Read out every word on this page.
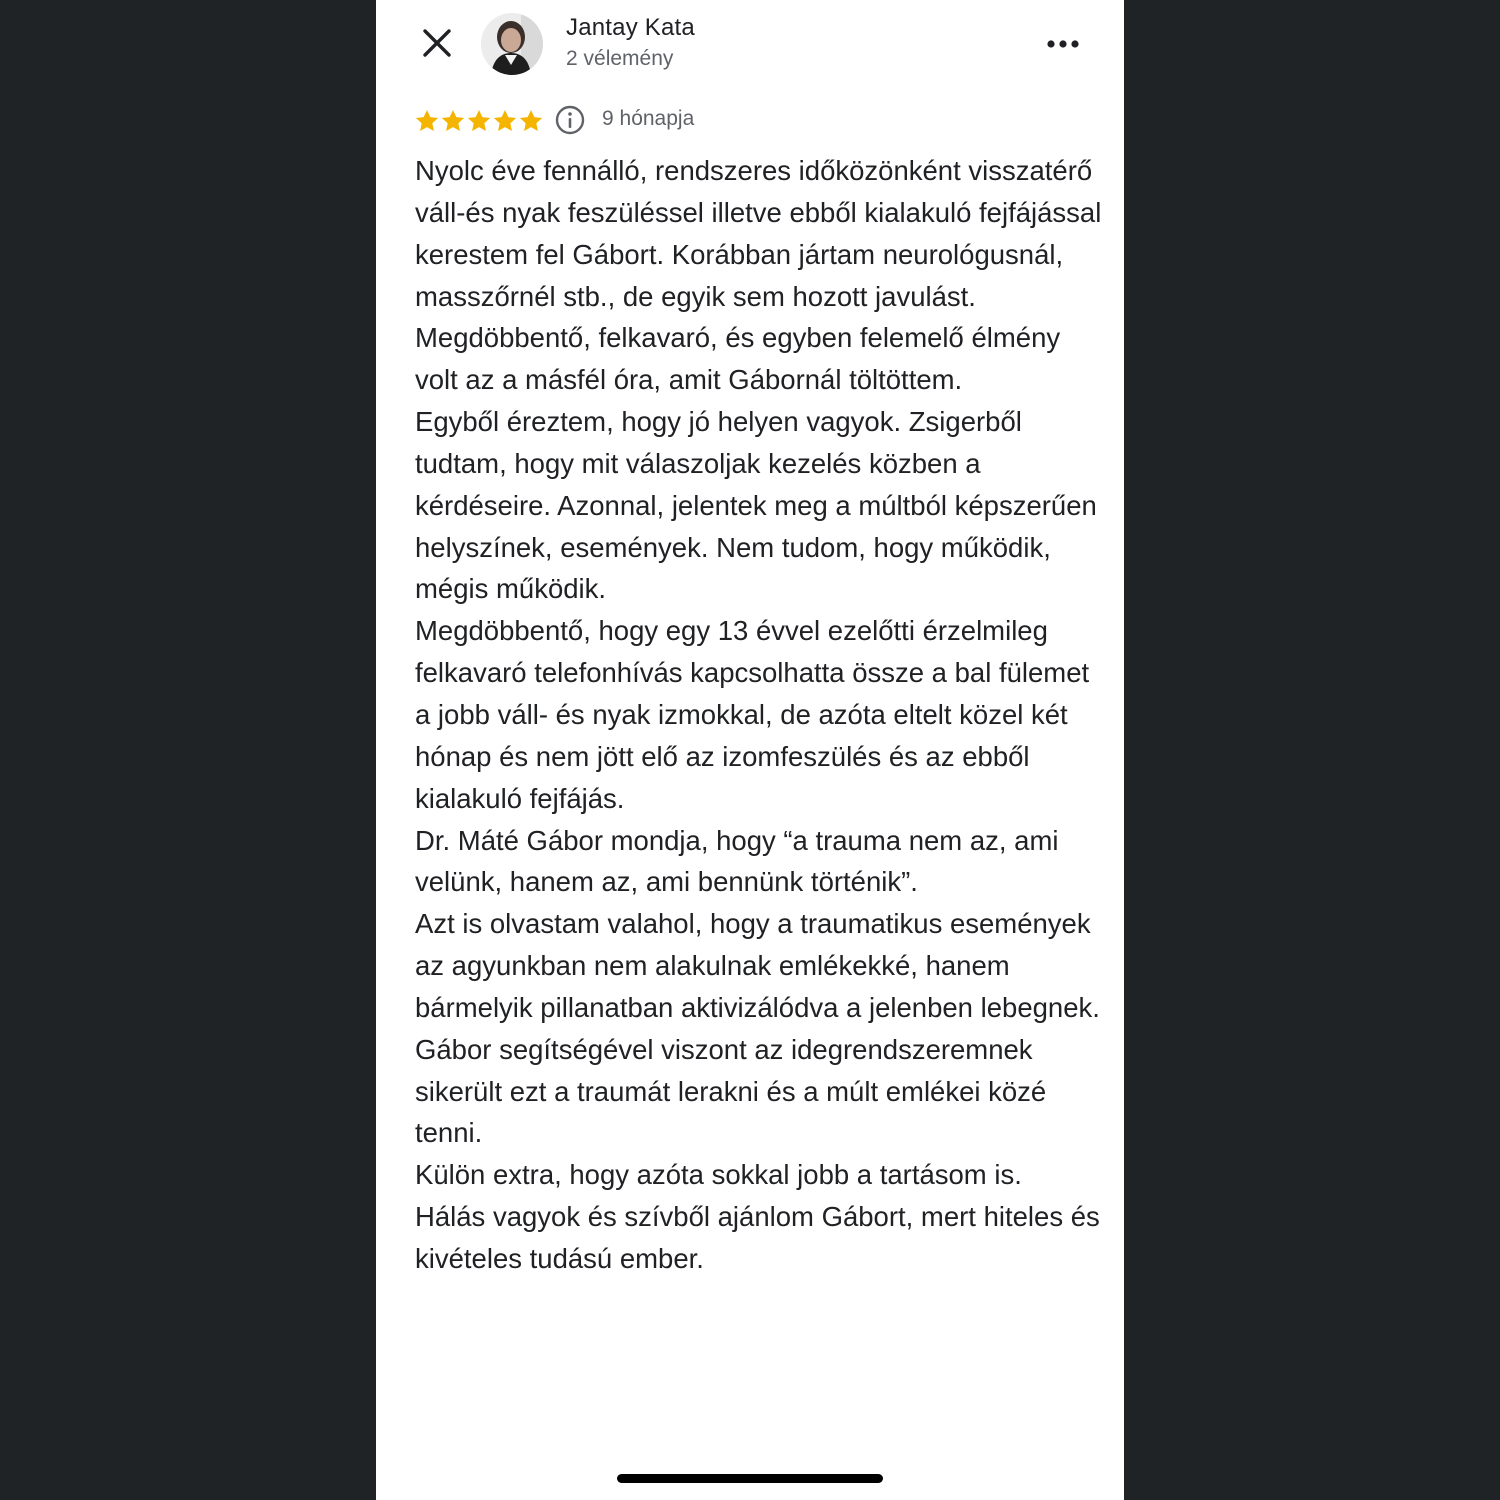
Jantay Kata
2 vélemény
9 hónapja
Nyolc éve fennálló, rendszeres időközönként visszatérő váll-és nyak feszüléssel illetve ebből kialakuló fejfájással kerestem fel Gábort. Korábban jártam neurológusnál, masszőrnél stb., de egyik sem hozott javulást.
Megdöbbentő, felkavaró, és egyben felemelő élmény volt az a másfél óra, amit Gábornál töltöttem.
Egyből éreztem, hogy jó helyen vagyok. Zsigerből tudtam, hogy mit válaszoljak kezelés közben a kérdéseire. Azonnal, jelentek meg a múltból képszerűen helyszínek, események. Nem tudom, hogy működik, mégis működik.
Megdöbbentő, hogy egy 13 évvel ezelőtti érzelmileg felkavaró telefonhívás kapcsolhatta össze a bal fülemet a jobb váll- és nyak izmokkal, de azóta eltelt közel két hónap és nem jött elő az izomfeszülés és az ebből kialakuló fejfájás.
Dr. Máté Gábor mondja, hogy “a trauma nem az, ami velünk, hanem az, ami bennünk történik”.
Azt is olvastam valahol, hogy a traumatikus események az agyunkban nem alakulnak emlékekké, hanem bármelyik pillanatban aktivizálódva a jelenben lebegnek. Gábor segítségével viszont az idegrendszeremnek sikerült ezt a traumát lerakni és a múlt emlékei közé tenni.
Külön extra, hogy azóta sokkal jobb a tartásom is.
Hálás vagyok és szívből ajánlom Gábort, mert hiteles és kivételes tudású ember.
